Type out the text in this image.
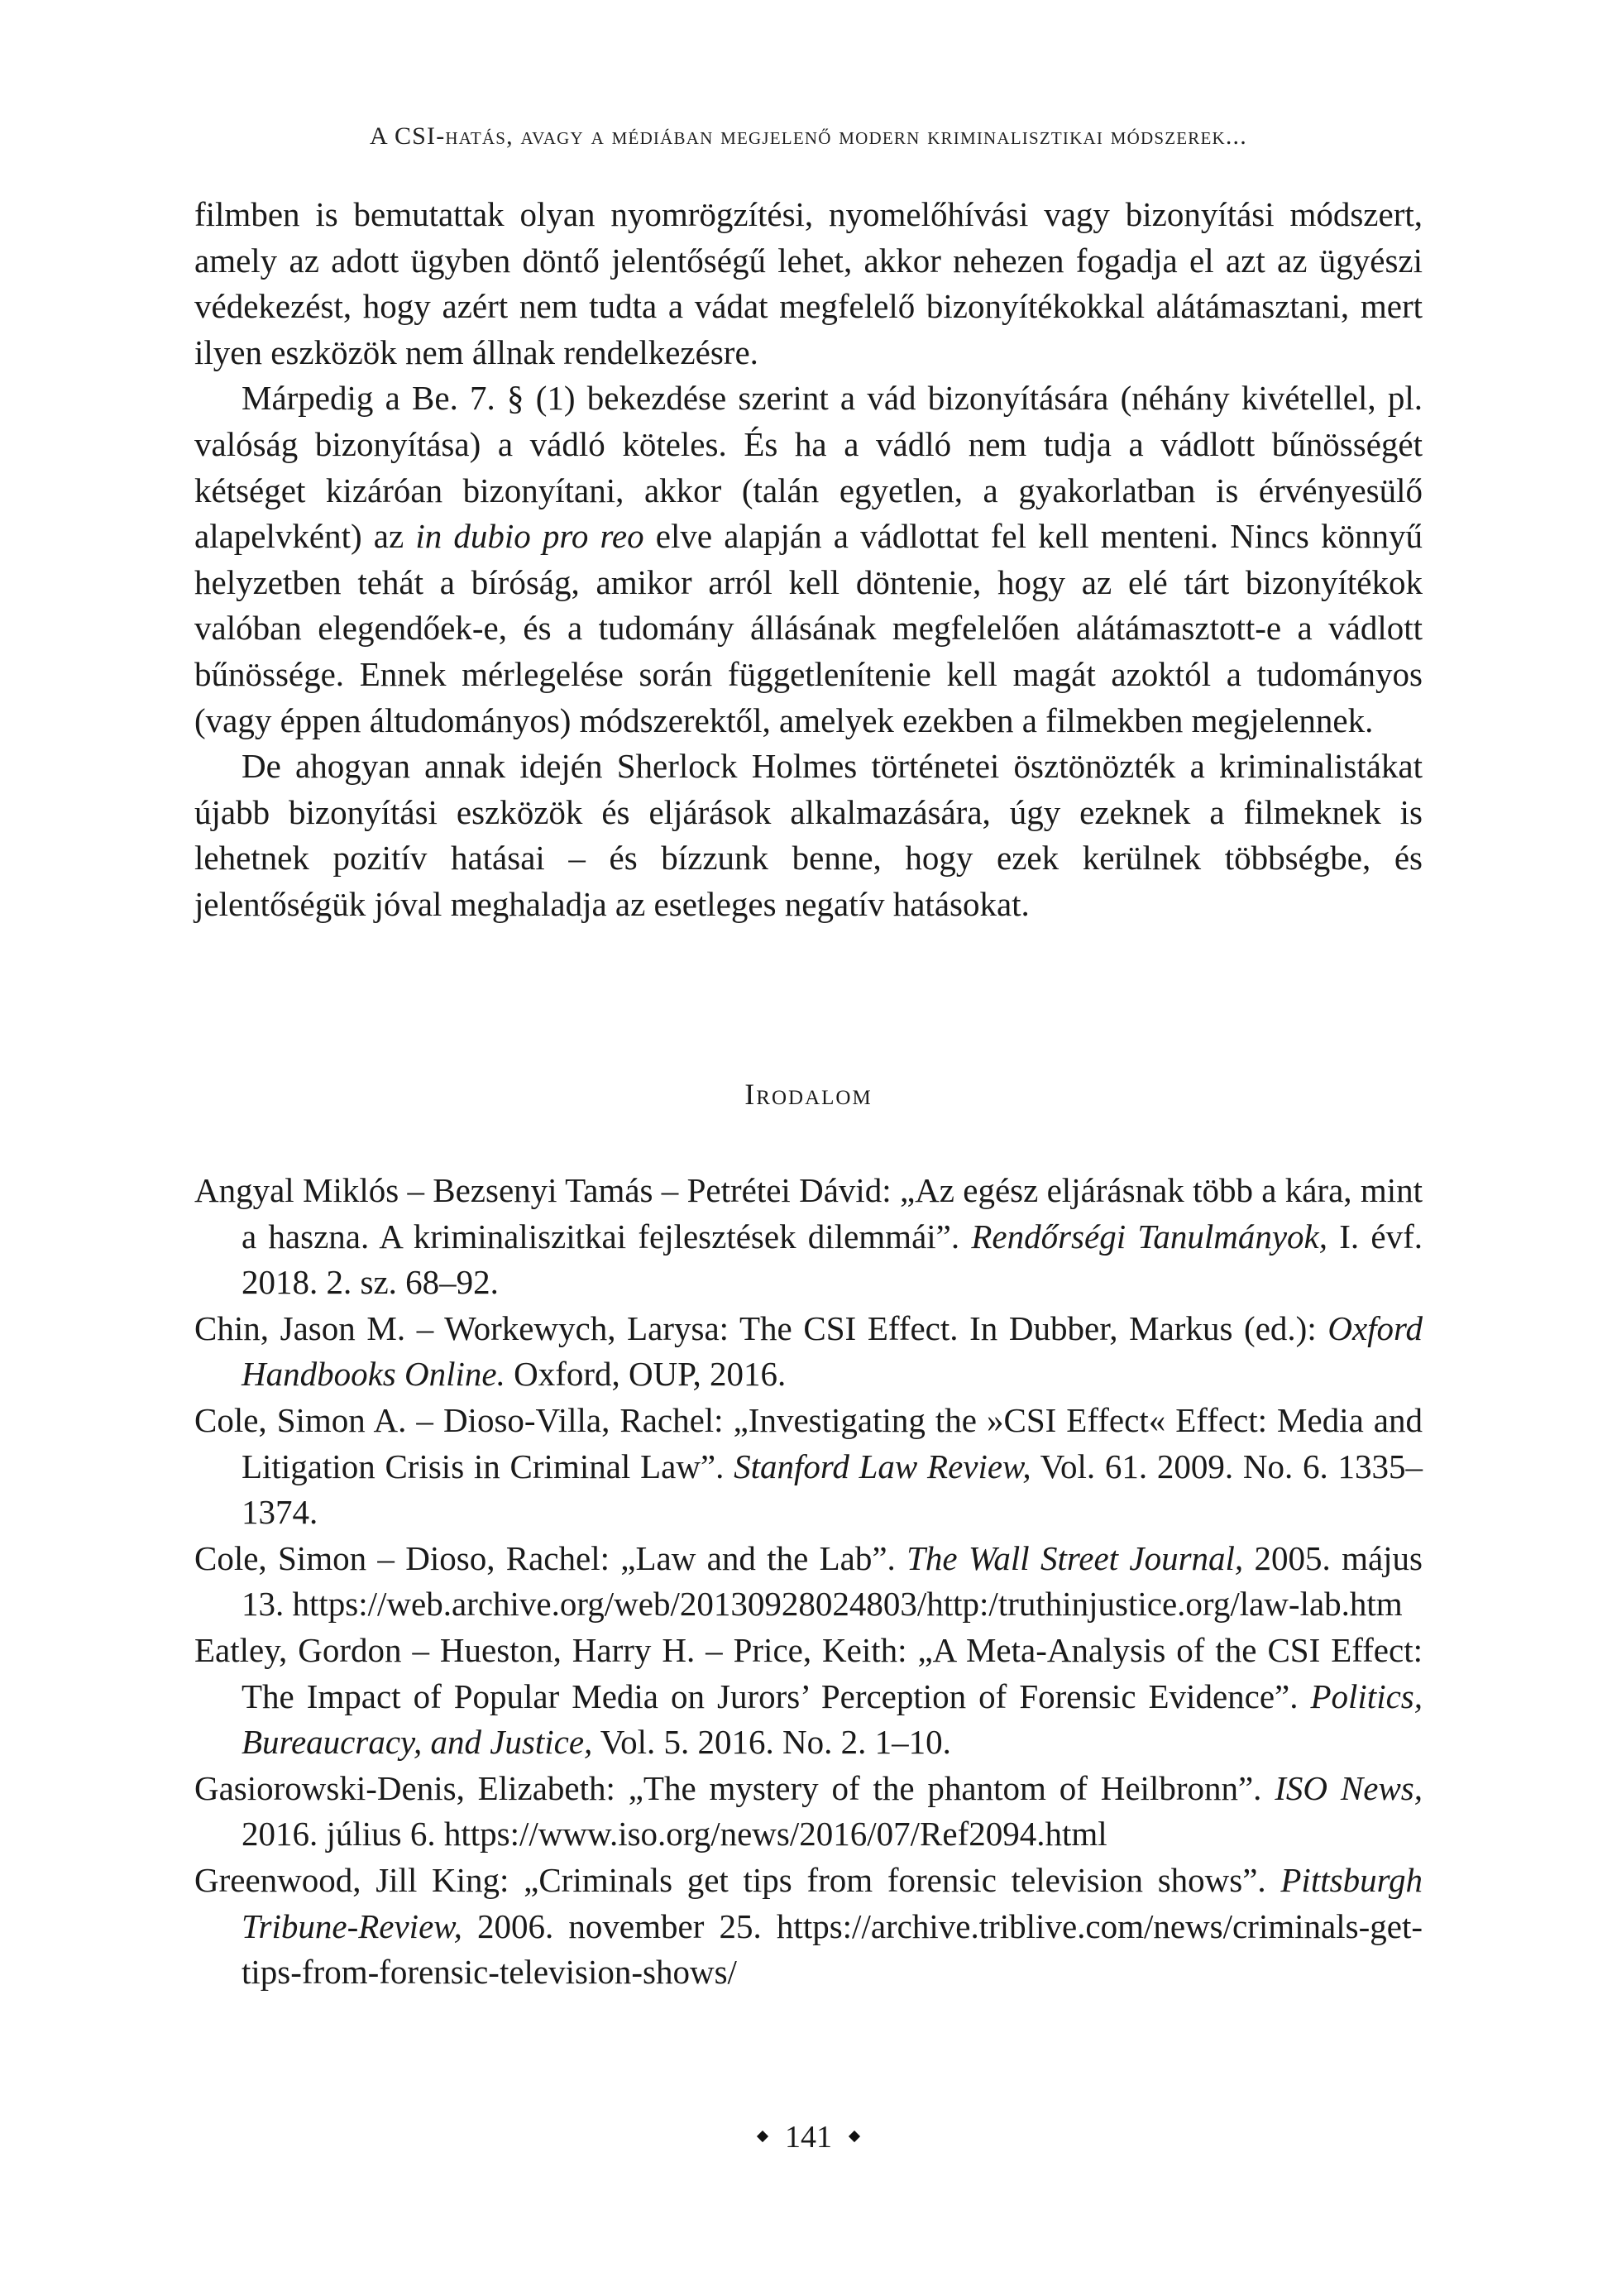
A CSI-hatás, avagy a médiában megjelenő modern kriminalisztikai módszerek...

filmben is bemutattak olyan nyomrögzítési, nyomelőhívási vagy bizonyítási módszert, amely az adott ügyben döntő jelentőségű lehet, akkor nehezen fogadja el azt az ügyészi védekezést, hogy azért nem tudta a vádat megfelelő bizonyítékokkal alátámasztani, mert ilyen eszközök nem állnak rendelkezésre.

Márpedig a Be. 7. § (1) bekezdése szerint a vád bizonyítására (néhány kivétellel, pl. valóság bizonyítása) a vádló köteles. És ha a vádló nem tudja a vádlott bűnösségét kétséget kizáróan bizonyítani, akkor (talán egyetlen, a gyakorlatban is érvényesülő alapelvként) az in dubio pro reo elve alapján a vádlottat fel kell menteni. Nincs könnyű helyzetben tehát a bíróság, amikor arról kell döntenie, hogy az elé tárt bizonyítékok valóban elegendőek-e, és a tudomány állásának megfelelően alátámasztott-e a vádlott bűnössége. Ennek mérlegelése során függetlenítenie kell magát azoktól a tudományos (vagy éppen áltudományos) módszerektől, amelyek ezekben a filmekben megjelennek.

De ahogyan annak idején Sherlock Holmes történetei ösztönözték a kriminalistákat újabb bizonyítási eszközök és eljárások alkalmazására, úgy ezeknek a filmeknek is lehetnek pozitív hatásai – és bízzunk benne, hogy ezek kerülnek többségbe, és jelentőségük jóval meghaladja az esetleges negatív hatásokat.

Irodalom

Angyal Miklós – Bezsenyi Tamás – Petrétei Dávid: „Az egész eljárásnak több a kára, mint a haszna. A kriminaliszitkai fejlesztések dilemmái”. Rendőrségi Tanulmányok, I. évf. 2018. 2. sz. 68–92.

Chin, Jason M. – Workewych, Larysa: The CSI Effect. In Dubber, Markus (ed.): Oxford Handbooks Online. Oxford, OUP, 2016.

Cole, Simon A. – Dioso-Villa, Rachel: „Investigating the »CSI Effect« Effect: Media and Litigation Crisis in Criminal Law”. Stanford Law Review, Vol. 61. 2009. No. 6. 1335–1374.

Cole, Simon – Dioso, Rachel: „Law and the Lab”. The Wall Street Journal, 2005. május 13. https://web.archive.org/web/20130928024803/http:/truthinjustice.​org/law-lab.htm

Eatley, Gordon – Hueston, Harry H. – Price, Keith: „A Meta-Analysis of the CSI Effect: The Impact of Popular Media on Jurors’ Perception of Forensic Evidence”. Politics, Bureaucracy, and Justice, Vol. 5. 2016. No. 2. 1–10.

Gasiorowski-Denis, Elizabeth: „The mystery of the phantom of Heilbronn”. ISO News, 2016. július 6. https://www.iso.org/news/2016/07/Ref2094.html

Greenwood, Jill King: „Criminals get tips from forensic television shows”. Pittsburgh Tribune-Review, 2006. november 25. https://archive.triblive.com/​news/criminals-get-tips-from-forensic-television-shows/

141
